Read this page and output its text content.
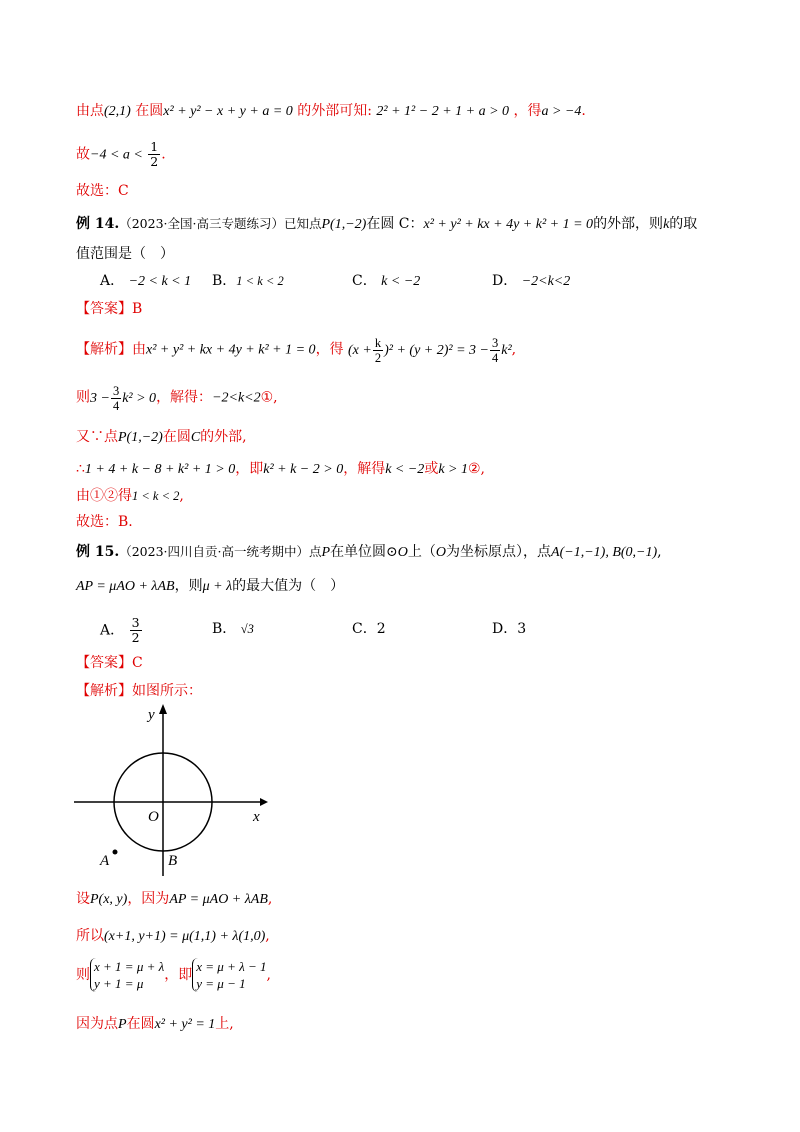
由点(2,1) 在圆x² + y² − x + y + a = 0 的外部可知: 2² + 1² − 2 + 1 + a > 0 ，得a > −4.
故$-4 < a < \frac{1}{2}$ .
故选：C
例 14.（2023·全国·高三专题练习）已知点P(1,−2)在圆 C：x² + y² + kx + 4y + k² + 1 = 0的外部，则k的取
值范围是（　）
A． −2 < k < 1 B．1 < k < 2	C． k < −2	D． −2<k<2
【答案】B
【解析】由x² + y² + kx + 4y + k² + 1 = 0，得 $(x + \frac{k}{2} )^2 + (y + 2)^2 = 3 - \frac{3}{4} k^2$,
则$3 - \frac{3}{4} k^2 > 0$，解得：−2<k<2①,
又∵点P(1,−2)在圆C的外部,
∴1 + 4 + k − 8 + k² + 1 > 0，即k² + k − 2 > 0，解得k < −2或k > 1②,
由①②得1 < k < 2,
故选：B.
例 15.（2023·四川自贡·高一统考期中）点P在单位圆⊙O上（O为坐标原点），点A(−1,−1), B(0,−1),
AP = μAO + λAB，则μ + λ的最大值为（　）
A． $\frac{3}{2}$	B． √3	C．2	D．3
【答案】C
【解析】如图所示：
y
x
O
A	B
设P(x, y)，因为AP = μAO + λAB,
所以(x+1, y+1) = μ(1,1) + λ(1,0),
则
x + 1 = μ + λ
y + 1 = μ
，即
x = μ + λ − 1
y = μ − 1
,
因为点P在圆x² + y² = 1上,
